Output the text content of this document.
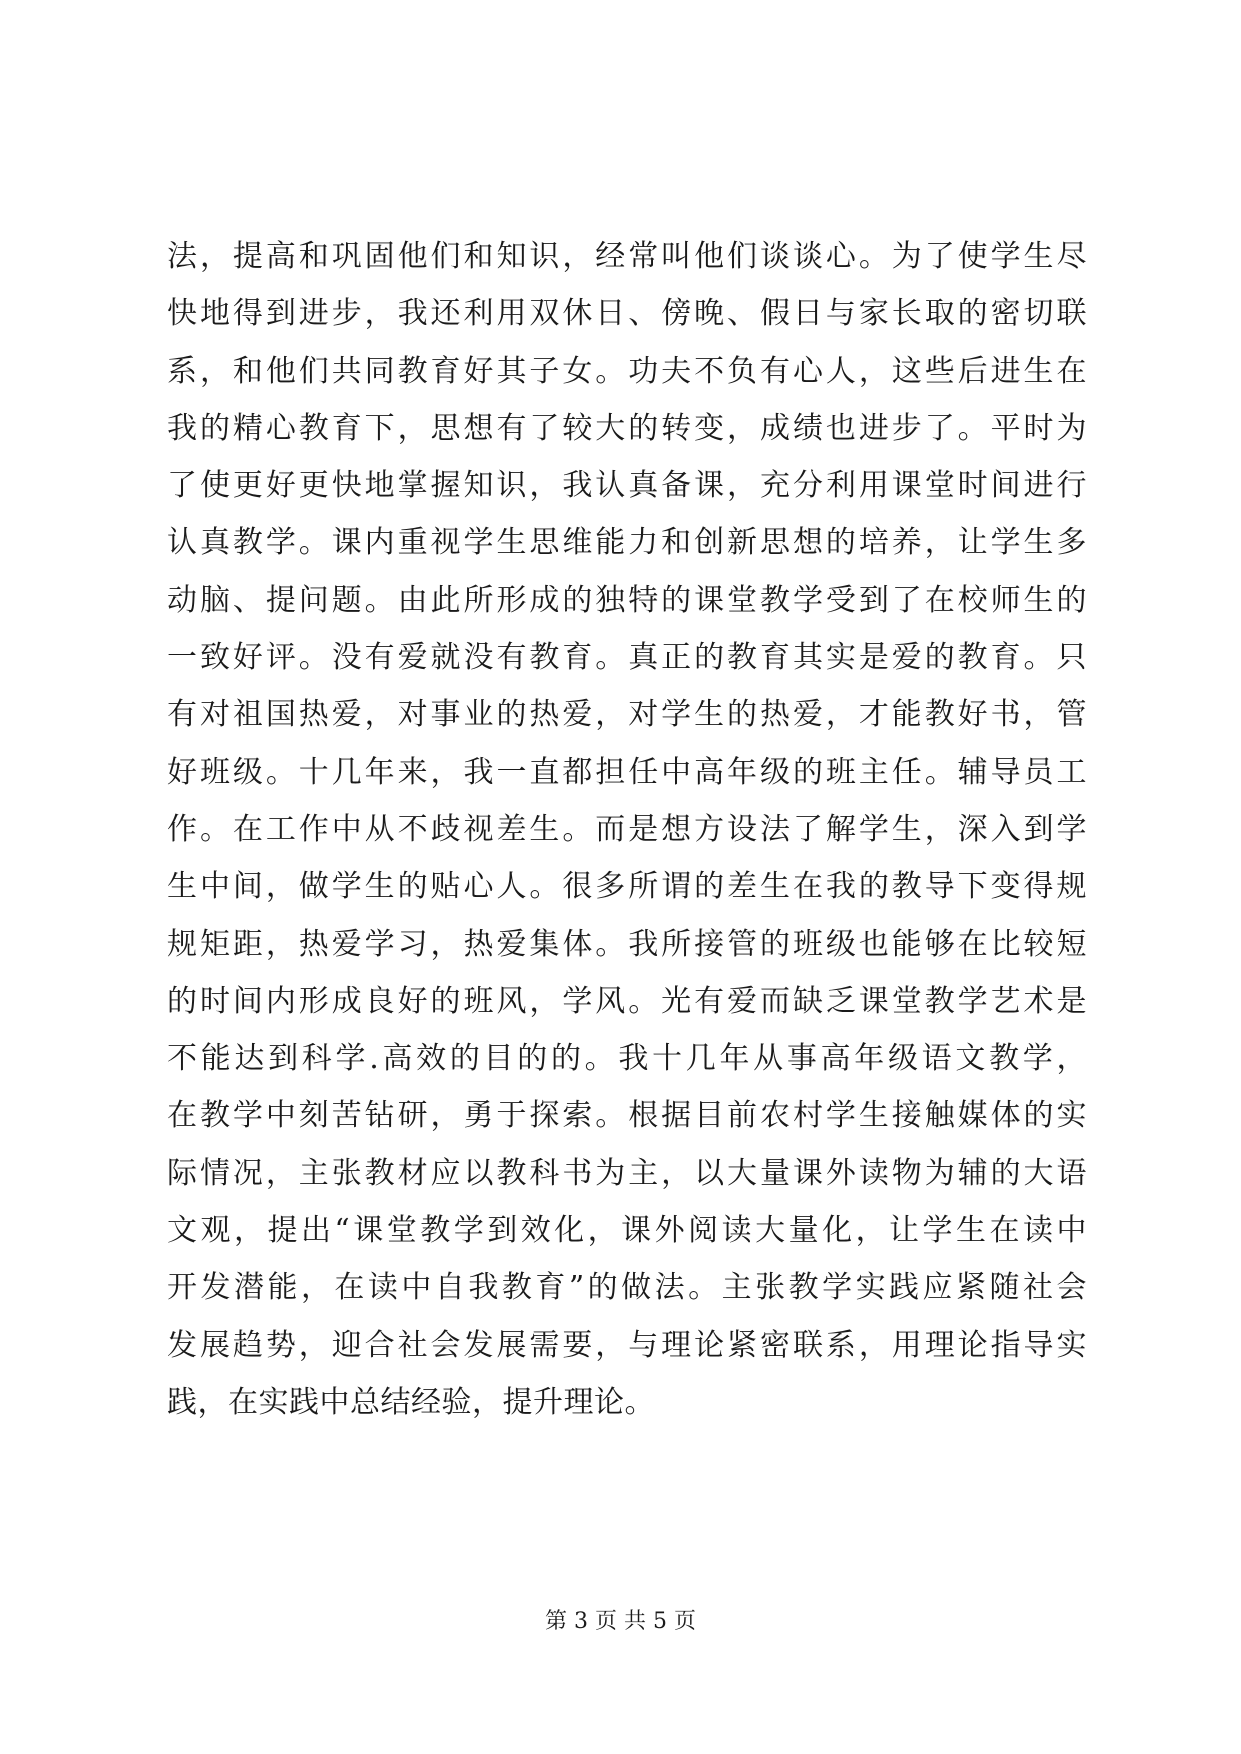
法，提高和巩固他们和知识，经常叫他们谈谈心。为了使学生尽
快地得到进步，我还利用双休日、傍晚、假日与家长取的密切联
系，和他们共同教育好其子女。功夫不负有心人，这些后进生在
我的精心教育下，思想有了较大的转变，成绩也进步了。平时为
了使更好更快地掌握知识，我认真备课，充分利用课堂时间进行
认真教学。课内重视学生思维能力和创新思想的培养，让学生多
动脑、提问题。由此所形成的独特的课堂教学受到了在校师生的
一致好评。没有爱就没有教育。真正的教育其实是爱的教育。只
有对祖国热爱，对事业的热爱，对学生的热爱，才能教好书，管
好班级。十几年来，我一直都担任中高年级的班主任。辅导员工
作。在工作中从不歧视差生。而是想方设法了解学生，深入到学
生中间，做学生的贴心人。很多所谓的差生在我的教导下变得规
规矩距，热爱学习，热爱集体。我所接管的班级也能够在比较短
的时间内形成良好的班风，学风。光有爱而缺乏课堂教学艺术是
不能达到科学.高效的目的的。我十几年从事高年级语文教学，
在教学中刻苦钻研，勇于探索。根据目前农村学生接触媒体的实
际情况，主张教材应以教科书为主，以大量课外读物为辅的大语
文观，提出“课堂教学到效化，课外阅读大量化，让学生在读中
开发潜能，在读中自我教育”的做法。主张教学实践应紧随社会
发展趋势，迎合社会发展需要，与理论紧密联系，用理论指导实
践，在实践中总结经验，提升理论。
第 3 页 共 5 页
